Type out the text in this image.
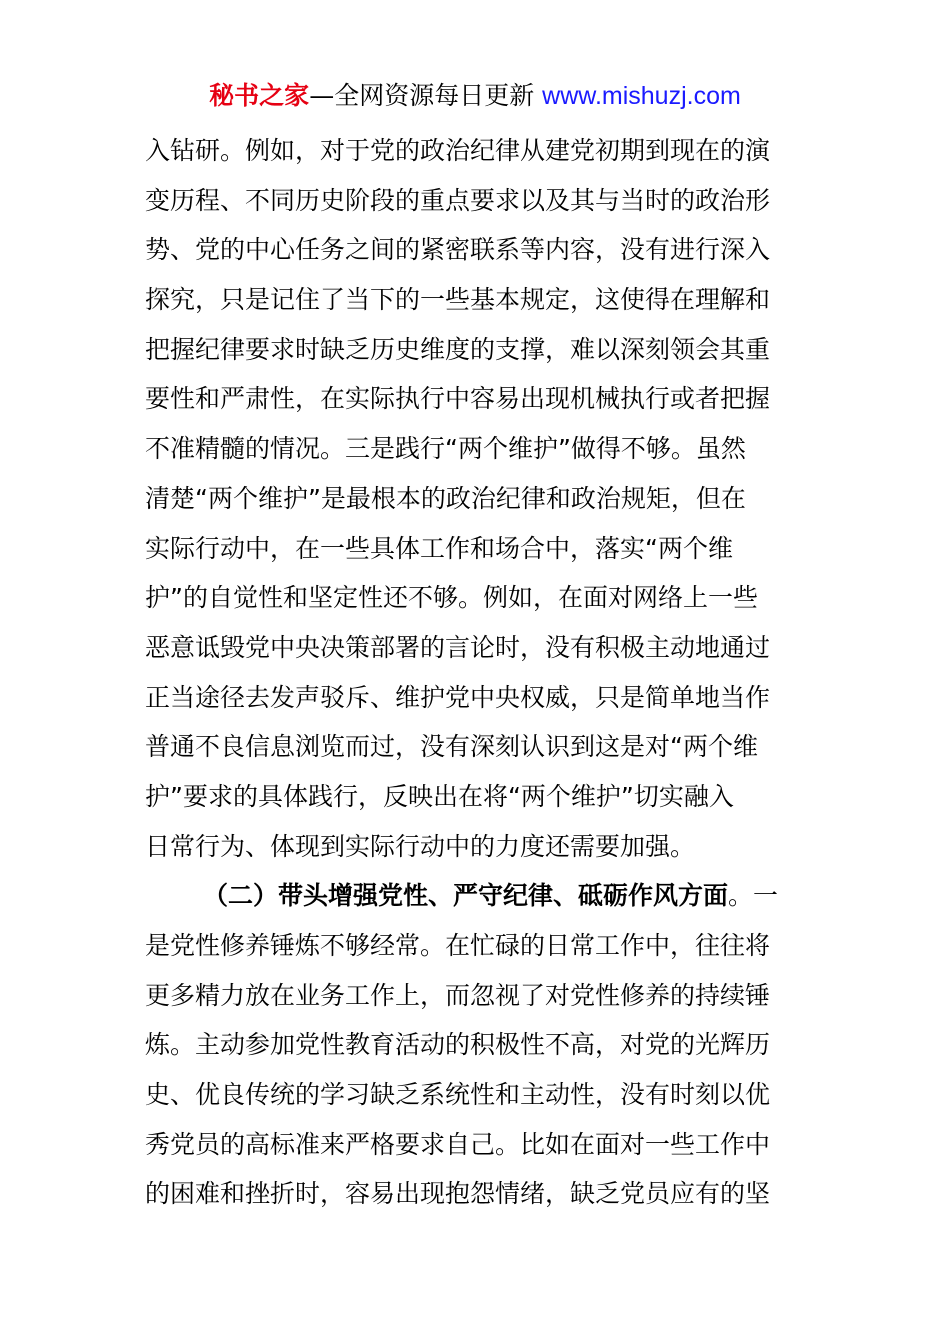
秘书之家—全网资源每日更新 www.mishuzj.com
入钻研。例如，对于党的政治纪律从建党初期到现在的演
变历程、不同历史阶段的重点要求以及其与当时的政治形
势、党的中心任务之间的紧密联系等内容，没有进行深入
探究，只是记住了当下的一些基本规定，这使得在理解和
把握纪律要求时缺乏历史维度的支撑，难以深刻领会其重
要性和严肃性，在实际执行中容易出现机械执行或者把握
不准精髓的情况。三是践行“两个维护”做得不够。虽然
清楚“两个维护”是最根本的政治纪律和政治规矩，但在
实际行动中，在一些具体工作和场合中，落实“两个维
护”的自觉性和坚定性还不够。例如，在面对网络上一些
恶意诋毁党中央决策部署的言论时，没有积极主动地通过
正当途径去发声驳斥、维护党中央权威，只是简单地当作
普通不良信息浏览而过，没有深刻认识到这是对“两个维
护”要求的具体践行，反映出在将“两个维护”切实融入
日常行为、体现到实际行动中的力度还需要加强。
（二）带头增强党性、严守纪律、砥砺作风方面。一
是党性修养锤炼不够经常。在忙碌的日常工作中，往往将
更多精力放在业务工作上，而忽视了对党性修养的持续锤
炼。主动参加党性教育活动的积极性不高，对党的光辉历
史、优良传统的学习缺乏系统性和主动性，没有时刻以优
秀党员的高标准来严格要求自己。比如在面对一些工作中
的困难和挫折时，容易出现抱怨情绪，缺乏党员应有的坚
